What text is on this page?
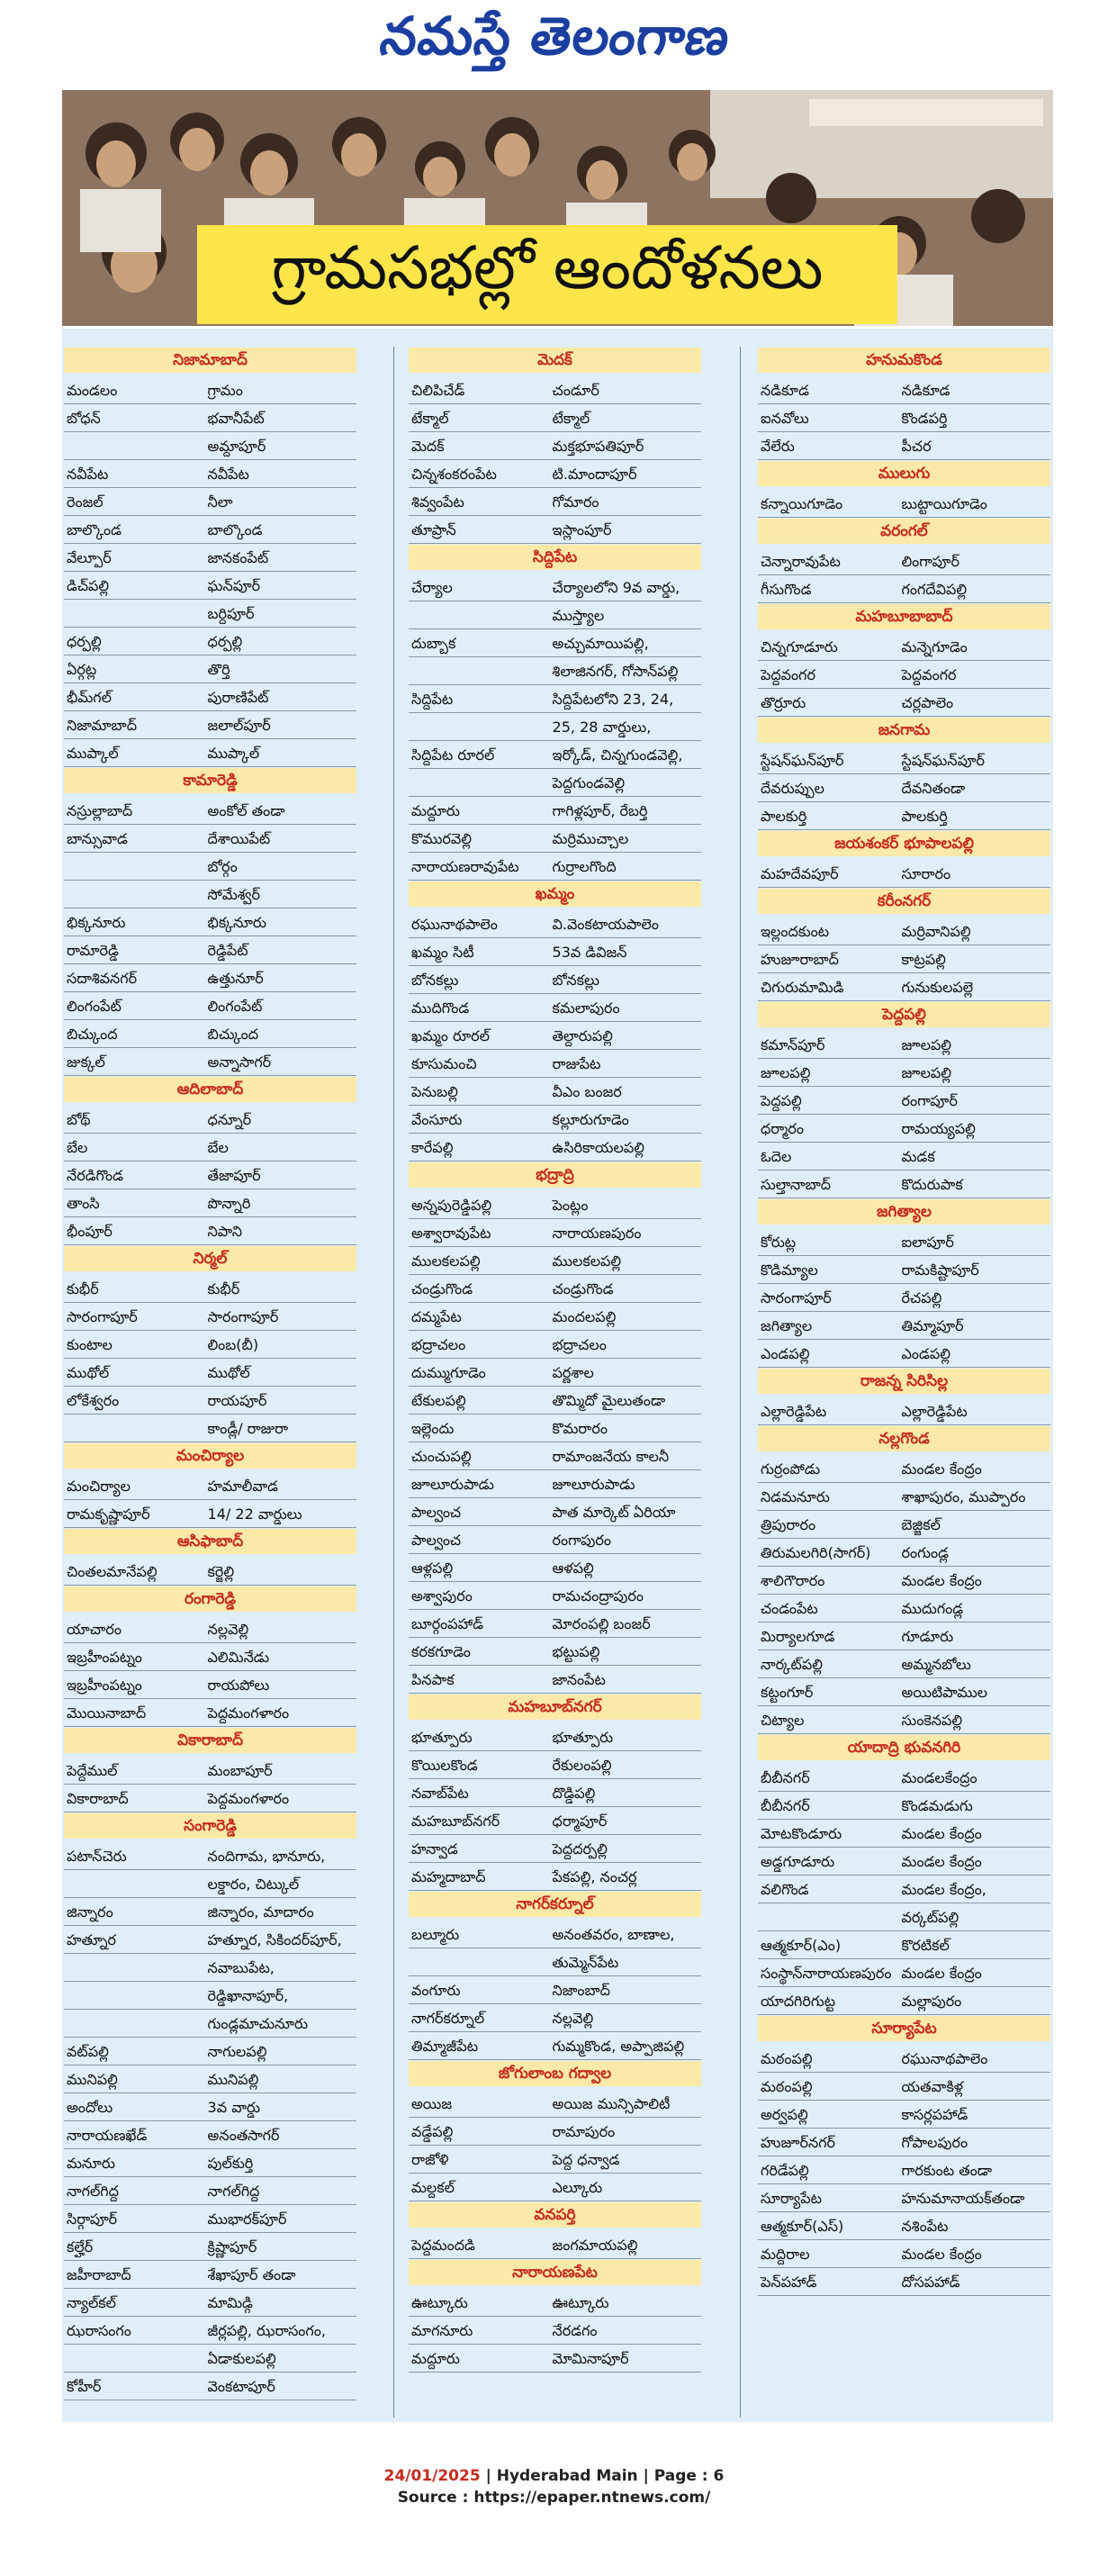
నమస్తే తెలంగాణ
గ్రామసభల్లో ఆందోళనలు
నిజామాబాద్
మండలం	గ్రామం
బోధన్	భవానీపేట్
అమ్దాపూర్
నవీపేట	నవీపేట
రెంజల్	నీలా
బాల్కొండ	బాల్కొండ
వేల్పూర్	జానకంపేట్
డిచ్‌పల్లి	ఘన్‌పూర్
బర్దిపూర్
ధర్పల్లి	ధర్పల్లి
ఏర్గట్ల	తొర్తి
భీమ్‌గల్	పురాణిపేట్
నిజామాబాద్	జలాల్‌పూర్
ముప్కాల్	ముప్కాల్
కామారెడ్డి
నస్రుల్లాబాద్	అంకోల్ తండా
బాన్సువాడ	దేశాయిపేట్
బోర్గం
సోమేశ్వర్
భిక్కనూరు	భిక్కనూరు
రామారెడ్డి	రెడ్డిపేట్
సదాశివనగర్	ఉత్తునూర్
లింగంపేట్	లింగంపేట్
బిచ్కుంద	బిచ్కుంద
జుక్కల్	అన్నాసాగర్
ఆదిలాబాద్
బోథ్	ధన్నూర్
బేల	బేల
నేరడిగొండ	తేజాపూర్
తాంసి	పొన్నారి
భీంపూర్	నిపాని
నిర్మల్
కుభీర్	కుభీర్
సారంగాపూర్	సారంగాపూర్
కుంటాల	లింబ(బీ)
ముథోల్	ముథోల్
లోకేశ్వరం	రాయపూర్
కాండ్లీ/ రాజురా
మంచిర్యాల
మంచిర్యాల	హమాలీవాడ
రామకృష్ణాపూర్	14/ 22 వార్డులు
ఆసిఫాబాద్
చింతలమానేపల్లి	కర్జెల్లి
రంగారెడ్డి
యాచారం	నల్లవెల్లి
ఇబ్రహీంపట్నం	ఎలిమినేడు
ఇబ్రహీంపట్నం	రాయపోలు
మొయినాబాద్	పెద్దమంగళారం
వికారాబాద్
పెద్దేముల్	మంబాపూర్
వికారాబాద్	పెద్దమంగళారం
సంగారెడ్డి
పటాన్‌చెరు	నందిగామ, భానూరు,
లక్డారం, చిట్కుల్
జిన్నారం	జిన్నారం, మాదారం
హత్నూర	హత్నూర, సికిందర్‌పూర్,
నవాబుపేట,
రెడ్డిఖానాపూర్,
గుండ్లమాచునూరు
వట్‌పల్లి	నాగులపల్లి
మునిపల్లి	మునిపల్లి
అందోలు	3వ వార్డు
నారాయణఖేడ్	అనంతసాగర్
మనూరు	పుల్‌కుర్తి
నాగల్‌గిద్ద	నాగల్‌గిద్ద
సిర్గాపూర్	ముభారక్‌పూర్
కల్హేర్	క్రిష్ణాపూర్
జహీరాబాద్	శేఖాపూర్ తండా
న్యాల్‌కల్	మామిడ్గి
ఝరాసంగం	జీర్లపల్లి, ఝరాసంగం,
ఏడాకులపల్లి
కోహీర్	వెంకటాపూర్
మెదక్
చిలిపిచేడ్	చండూర్
టేక్మాల్	టేక్మాల్
మెదక్	మక్తభూపతిపూర్
చిన్నశంకరంపేట	టి.మాందాపూర్
శివ్వంపేట	గోమారం
తూప్రాన్	ఇస్లాంపూర్
సిద్దిపేట
చేర్యాల	చేర్యాలలోని 9వ వార్డు,
ముస్త్యాల
దుబ్బాక	అచ్చుమాయిపల్లి,
శిలాజినగర్, గోసాన్‌పల్లి
సిద్దిపేట	సిద్దిపేటలోని 23, 24,
25, 28 వార్డులు,
సిద్దిపేట రూరల్	ఇర్కోడ్, చిన్నగుండవెల్లి,
పెద్దగుండవెల్లి
మద్దూరు	గాగిళ్లపూర్, రేబర్తి
కొమురవెల్లి	మర్రిముచ్చాల
నారాయణరావుపేట	గుర్రాలగొంది
ఖమ్మం
రఘునాథపాలెం	వి.వెంకటాయపాలెం
ఖమ్మం సిటీ	53వ డివిజన్
బోనకల్లు	బోనకల్లు
ముదిగొండ	కమలాపురం
ఖమ్మం రూరల్	తెల్దారుపల్లి
కూసుమంచి	రాజుపేట
పెనుబల్లి	వీఎం బంజర
వేంసూరు	కల్లూరుగూడెం
కారేపల్లి	ఉసిరికాయలపల్లి
భద్రాద్రి
అన్నపురెడ్డిపల్లి	పెంట్లం
అశ్వారావుపేట	నారాయణపురం
ములకలపల్లి	ములకలపల్లి
చండ్రుగొండ	చండ్రుగొండ
దమ్మపేట	మందలపల్లి
భద్రాచలం	భద్రాచలం
దుమ్ముగూడెం	పర్ణశాల
టేకులపల్లి	తొమ్మిదో మైలుతండా
ఇల్లెందు	కొమరారం
చుంచుపల్లి	రామాంజనేయ కాలనీ
జూలూరుపాడు	జూలూరుపాడు
పాల్వంచ	పాత మార్కెట్ ఏరియా
పాల్వంచ	రంగాపురం
ఆళ్లపల్లి	ఆళపల్లి
అశ్వాపురం	రామచంద్రాపురం
బూర్గంపహాడ్	మోరంపల్లి బంజర్
కరకగూడెం	భట్టుపల్లి
పినపాక	జానంపేట
మహబూబ్‌నగర్
భూత్పూరు	భూత్పూరు
కొయిలకొండ	రేకులంపల్లి
నవాబ్‌పేట	దొడ్డిపల్లి
మహబూబ్‌నగర్	ధర్మాపూర్
హన్వాడ	పెద్దదర్పల్లి
మహ్మదాబాద్	పేకపల్లి, నంచర్ల
నాగర్‌కర్నూల్
బల్మూరు	అనంతవరం, బాణాల,
తుమ్మెన్‌పేట
వంగూరు	నిజాంబాద్
నాగర్‌కర్నూల్	నల్లవెల్లి
తిమ్మాజీపేట	గుమ్మకొండ, అప్పాజిపల్లి
జోగులాంబ గద్వాల
అయిజ	అయిజ మున్సిపాలిటీ
వడ్డేపల్లి	రామాపురం
రాజోళి	పెద్ద ధన్వాడ
మల్దకల్	ఎల్కూరు
వనపర్తి
పెద్దమందడి	జంగమాయపల్లి
నారాయణపేట
ఊట్కూరు	ఊట్కూరు
మాగనూరు	నేరడగం
మద్దూరు	మోమినాపూర్
హనుమకొండ
నడికూడ	నడికూడ
ఐనవోలు	కొండపర్తి
వేలేరు	పీచర
ములుగు
కన్నాయిగూడెం	బుట్టాయిగూడెం
వరంగల్
చెన్నారావుపేట	లింగాపూర్
గీసుగొండ	గంగదేవిపల్లి
మహబూబాబాద్
చిన్నగూడూరు	మన్నెగూడెం
పెద్దవంగర	పెద్దవంగర
తొర్రూరు	చర్లపాలెం
జనగామ
స్టేషన్‌ఘన్‌పూర్	స్టేషన్‌ఘన్‌పూర్
దేవరుప్పుల	దేవనితండా
పాలకుర్తి	పాలకుర్తి
జయశంకర్ భూపాలపల్లి
మహదేవపూర్	సూరారం
కరీంనగర్
ఇల్లందకుంట	మర్రివానిపల్లి
హుజూరాబాద్	కాట్రపల్లి
చిగురుమామిడి	గునుకులపల్లె
పెద్దపల్లి
కమాన్‌పూర్	జూలపల్లి
జూలపల్లి	జూలపల్లి
పెద్దపల్లి	రంగాపూర్
ధర్మారం	రామయ్యపల్లి
ఓదెల	మడక
సుల్తానాబాద్	కొదురుపాక
జగిత్యాల
కోరుట్ల	ఐలాపూర్
కొడిమ్యాల	రామకిష్టాపూర్
సారంగాపూర్	రేచపల్లి
జగిత్యాల	తిమ్మాపూర్
ఎండపల్లి	ఎండపల్లి
రాజన్న సిరిసిల్ల
ఎల్లారెడ్డిపేట	ఎల్లారెడ్డిపేట
నల్లగొండ
గుర్రంపోడు	మండల కేంద్రం
నిడమనూరు	శాఖాపురం, ముప్పారం
త్రిపురారం	బెజ్జికల్
తిరుమలగిరి(సాగర్)	రంగుండ్ల
శాలిగౌరారం	మండల కేంద్రం
చండంపేట	ముదుగండ్ల
మిర్యాలగూడ	గూడూరు
నార్కట్‌పల్లి	అమ్మనబోలు
కట్టంగూర్	అయిటిపాముల
చిట్యాల	సుంకెనపల్లి
యాదాద్రి భువనగిరి
బీబీనగర్	మండలకేంద్రం
బీబీనగర్	కొండమడుగు
మోటకొండూరు	మండల కేంద్రం
అడ్డగూడూరు	మండల కేంద్రం
వలిగొండ	మండల కేంద్రం,
వర్కట్‌పల్లి
ఆత్మకూర్(ఎం)	కొరటికల్
సంస్థాన్‌నారాయణపురం మండల కేంద్రం
యాదగిరిగుట్ట	మల్లాపురం
సూర్యాపేట
మఠంపల్లి	రఘునాథపాలెం
మఠంపల్లి	యతవాకిళ్ల
అర్వపల్లి	కాసర్లపహాడ్
హుజూర్‌నగర్	గోపాలపురం
గరిడేపల్లి	గారకుంట తండా
సూర్యాపేట	హనుమానాయక్‌తండా
ఆత్మకూర్(ఎస్)	నశింపేట
మద్దిరాల	మండల కేంద్రం
పెన్‌పహాడ్	దోసపహాడ్
24/01/2025 | Hyderabad Main | Page : 6
Source : https://epaper.ntnews.com/
